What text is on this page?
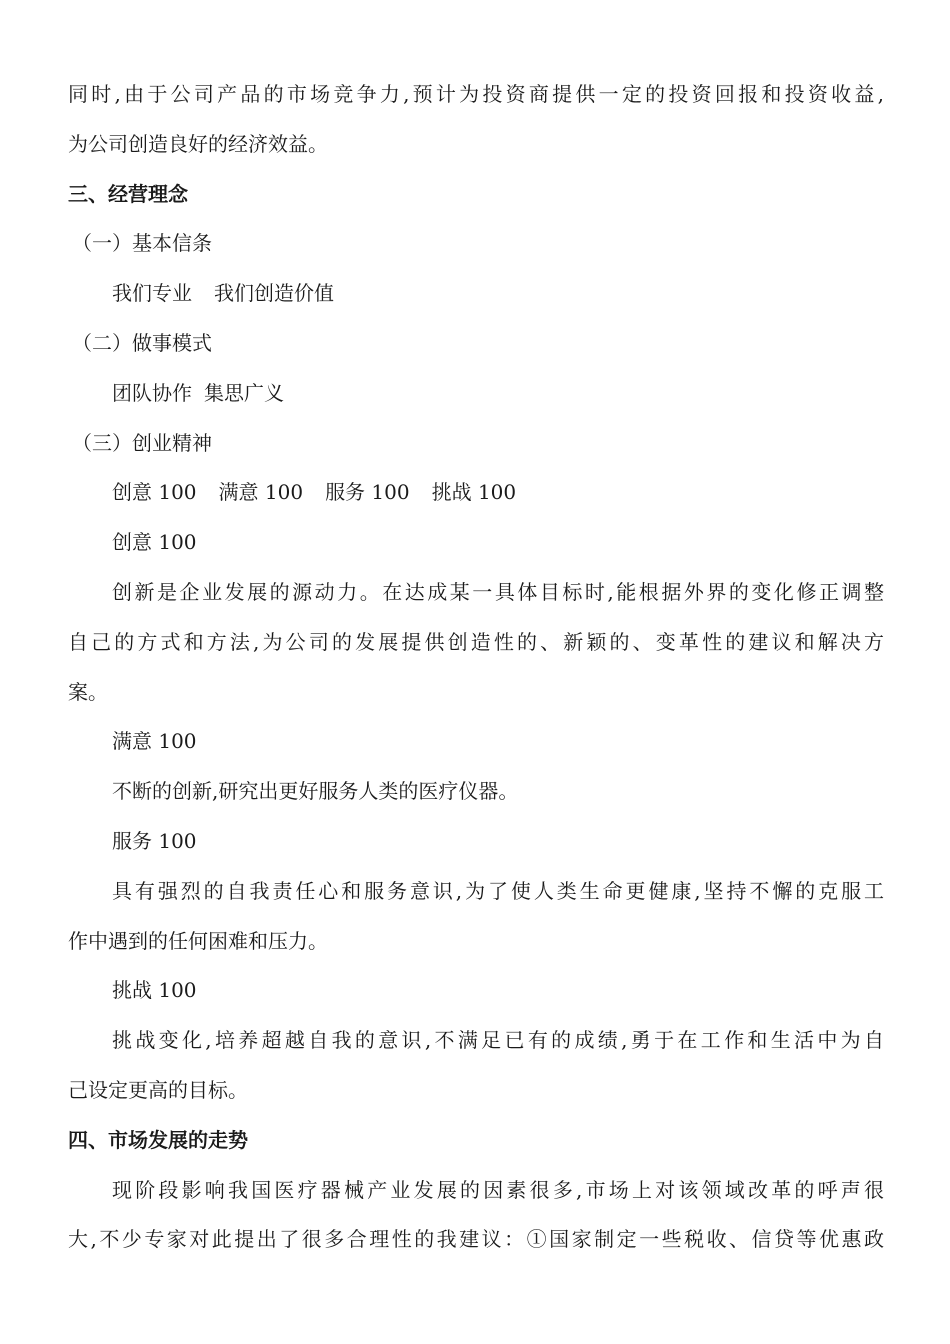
同时,由于公司产品的市场竞争力,预计为投资商提供一定的投资回报和投资收益,
为公司创造良好的经济效益。
三、经营理念
（一）基本信条
我们专业 我们创造价值
（二）做事模式
团队协作 集思广义
（三）创业精神
创意 100 满意 100 服务 100 挑战 100
创意 100
创新是企业发展的源动力。在达成某一具体目标时,能根据外界的变化修正调整
自己的方式和方法,为公司的发展提供创造性的、新颖的、变革性的建议和解决方
案。
满意 100
不断的创新,研究出更好服务人类的医疗仪器。
服务 100
具有强烈的自我责任心和服务意识,为了使人类生命更健康,坚持不懈的克服工
作中遇到的任何困难和压力。
挑战 100
挑战变化,培养超越自我的意识,不满足已有的成绩,勇于在工作和生活中为自
己设定更高的目标。
四、市场发展的走势
现阶段影响我国医疗器械产业发展的因素很多,市场上对该领域改革的呼声很
大,不少专家对此提出了很多合理性的我建议：①国家制定一些税收、信贷等优惠政
